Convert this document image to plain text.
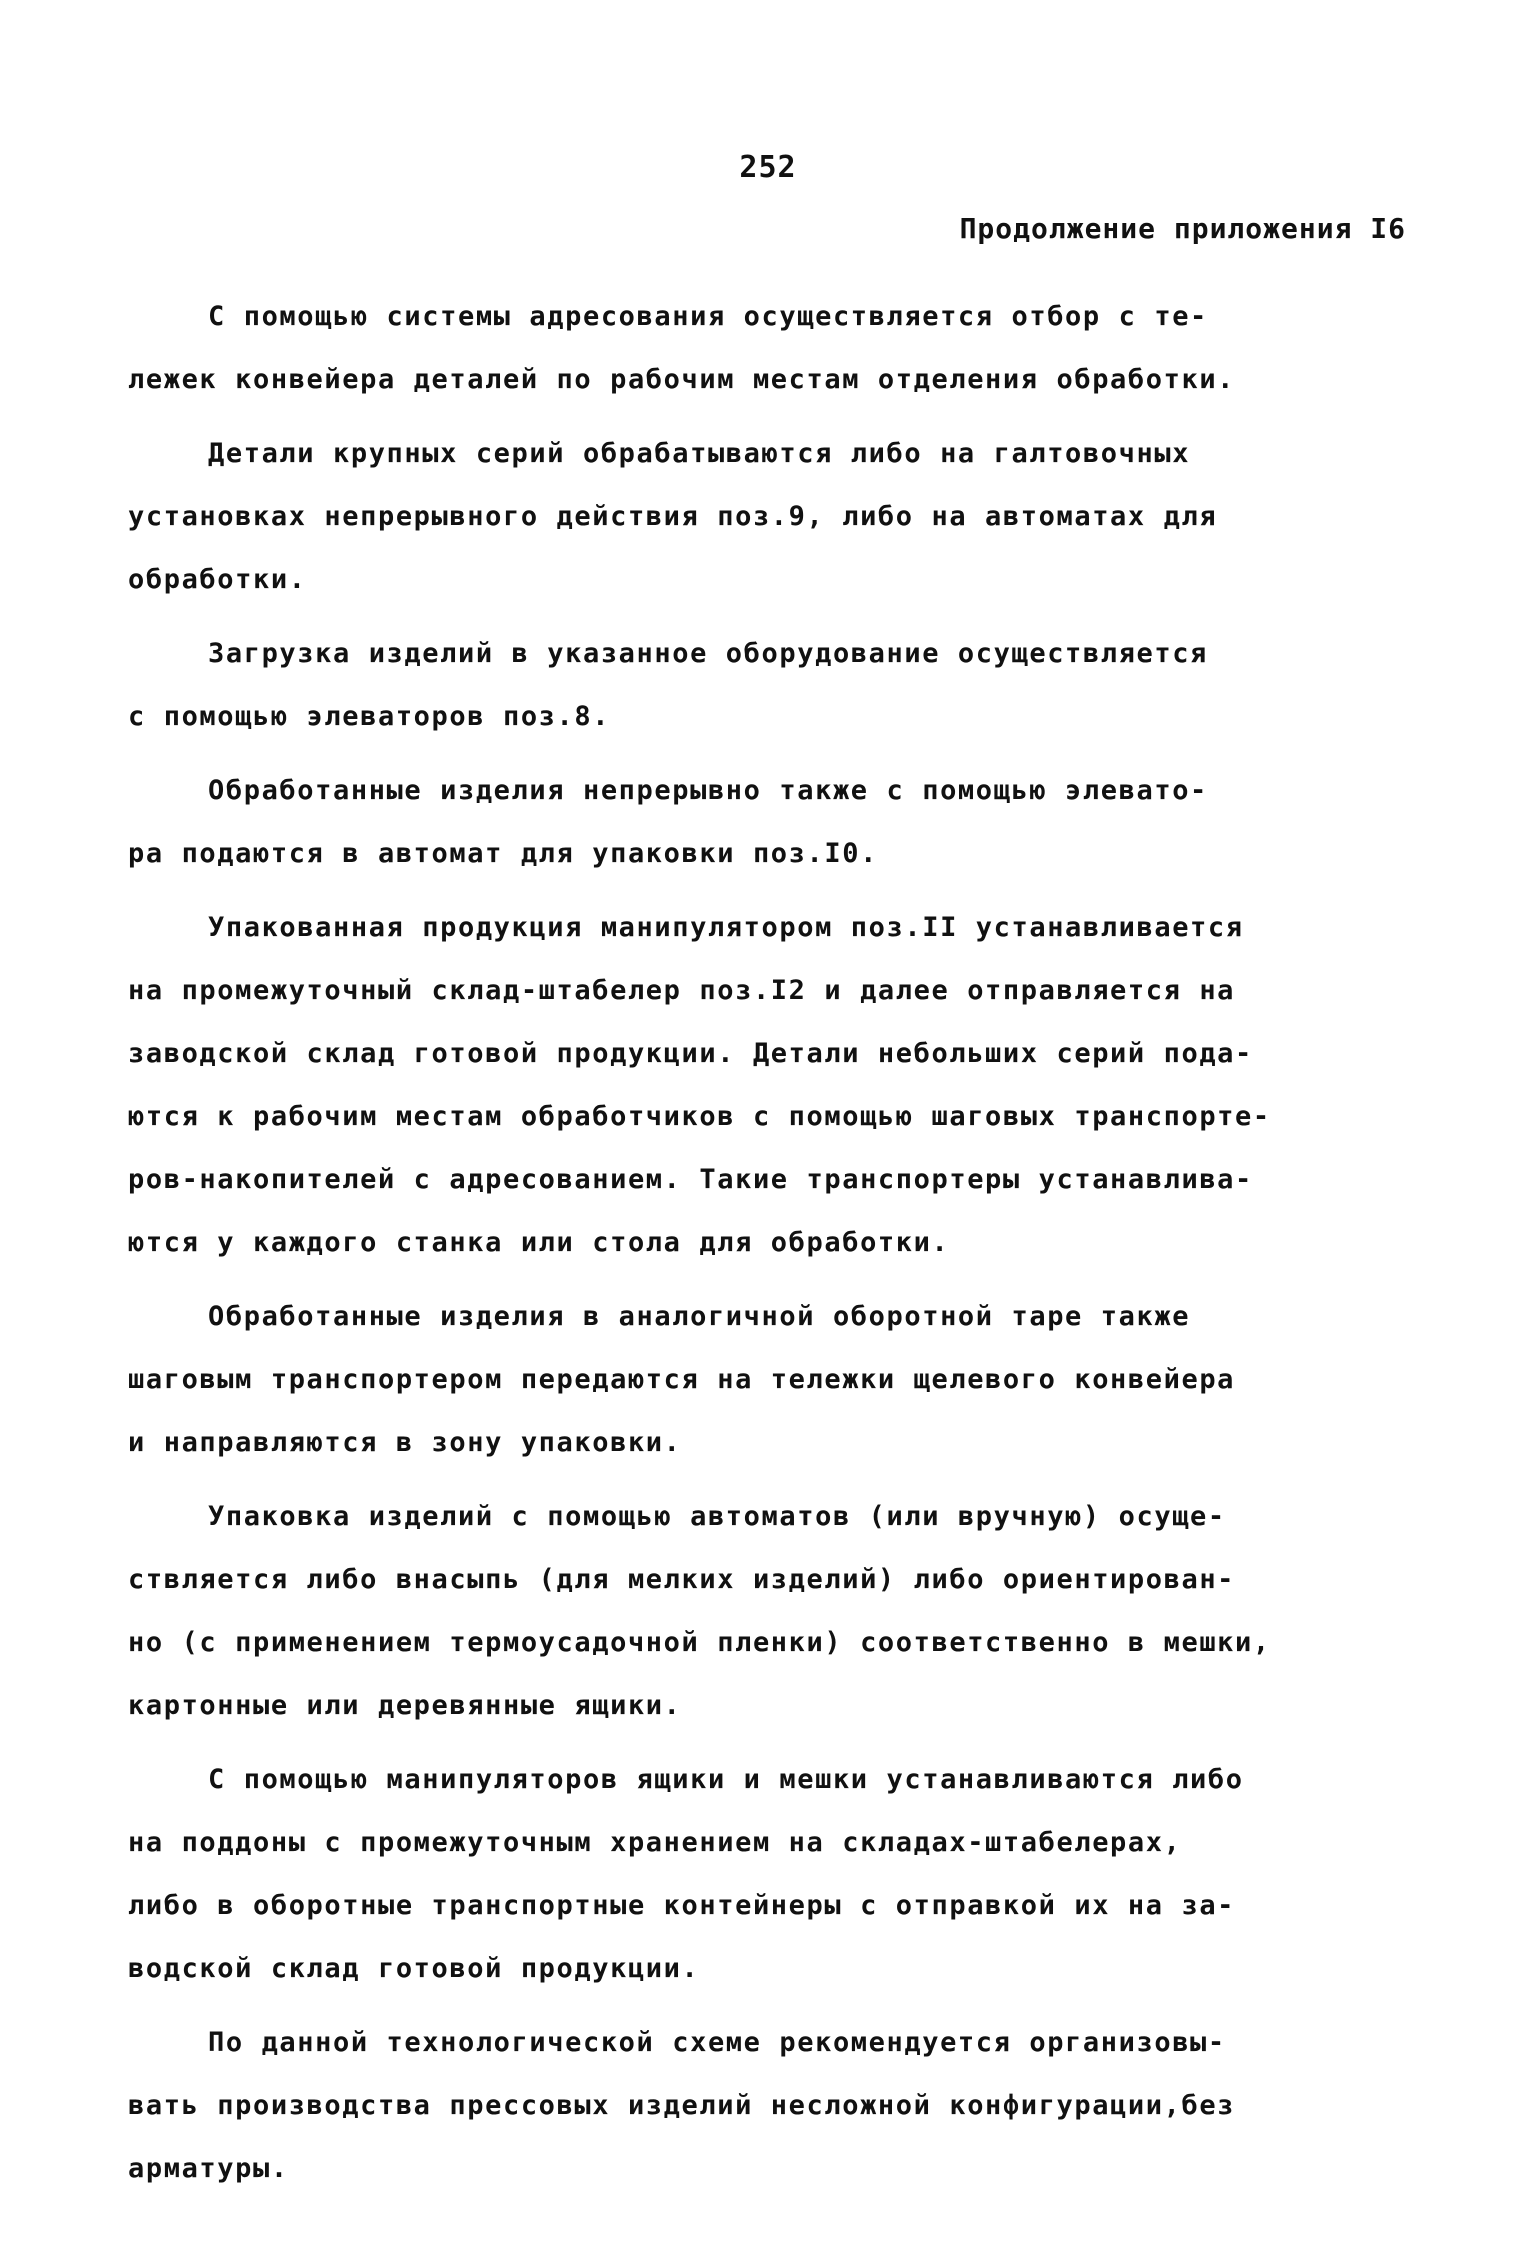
252
Продолжение приложения I6
С помощью системы адресования осуществляется отбор с те-
лежек конвейера деталей по рабочим местам отделения обработки.
Детали крупных серий обрабатываются либо на галтовочных
установках непрерывного действия поз.9, либо на автоматах для
обработки.
Загрузка изделий в указанное оборудование осуществляется
с помощью элеваторов поз.8.
Обработанные изделия непрерывно также с помощью элевато-
ра подаются в автомат для упаковки поз.I0.
Упакованная продукция манипулятором поз.II устанавливается
на промежуточный склад-штабелер поз.I2 и далее отправляется на
заводской склад готовой продукции. Детали небольших серий пода-
ются к рабочим местам обработчиков с помощью шаговых транспорте-
ров-накопителей с адресованием. Такие транспортеры устанавлива-
ются у каждого станка или стола для обработки.
Обработанные изделия в аналогичной оборотной таре также
шаговым транспортером передаются на тележки щелевого конвейера
и направляются в зону упаковки.
Упаковка изделий с помощью автоматов (или вручную) осуще-
ствляется либо внасыпь (для мелких изделий) либо ориентирован-
но (с применением термоусадочной пленки) соответственно в мешки,
картонные или деревянные ящики.
С помощью манипуляторов ящики и мешки устанавливаются либо
на поддоны с промежуточным хранением на складах-штабелерах,
либо в оборотные транспортные контейнеры с отправкой их на за-
водской склад готовой продукции.
По данной технологической схеме рекомендуется организовы-
вать производства прессовых изделий несложной конфигурации,без
арматуры.
